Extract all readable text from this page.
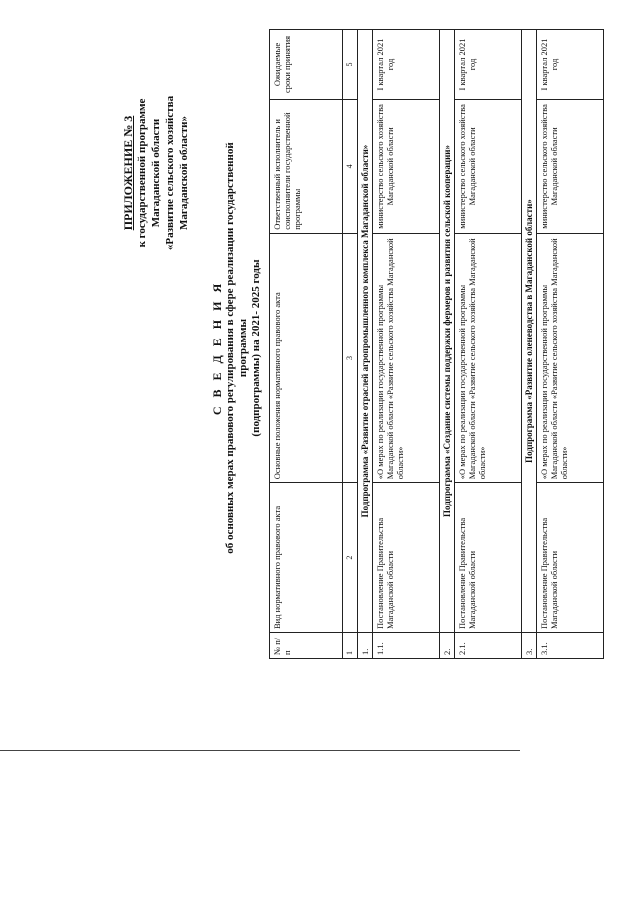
ПРИЛОЖЕНИЕ № 3 к государственной программе Магаданской области «Развитие сельского хозяйства Магаданской области»
С В Е Д Е Н И Я об основных мерах правового регулирования в сфере реализации государственной программы (подпрограммы) на 2021- 2025 годы
№ п/п	Вид нормативного правового акта	Основные положения нормативного правового акта	Ответственный исполнитель и соисполнители государственной программы	Ожидаемые сроки принятия
1	2	3	4	5
1.	Подпрограмма «Развитие отраслей агропромышленного комплекса Магаданской области»			
1.1.	Постановление Правительства Магаданской области	«О мерах по реализации государственной программы Магаданской области «Развитие сельского хозяйства Магаданской области»	министерство сельского хозяйства Магаданской области	I квартал 2021 год
2.	Подпрограмма «Создание системы поддержки фермеров и развития сельской кооперации»			
2.1.	Постановление Правительства Магаданской области	«О мерах по реализации государственной программы Магаданской области «Развитие сельского хозяйства Магаданской области»	министерство сельского хозяйства Магаданской области	I квартал 2021 год
3.	Подпрограмма «Развитие оленеводства в Магаданской области»			
3.1.	Постановление Правительства Магаданской области	«О мерах по реализации государственной программы Магаданской области «Развитие сельского хозяйства Магаданской области»	министерство сельского хозяйства Магаданской области	I квартал 2021 год
